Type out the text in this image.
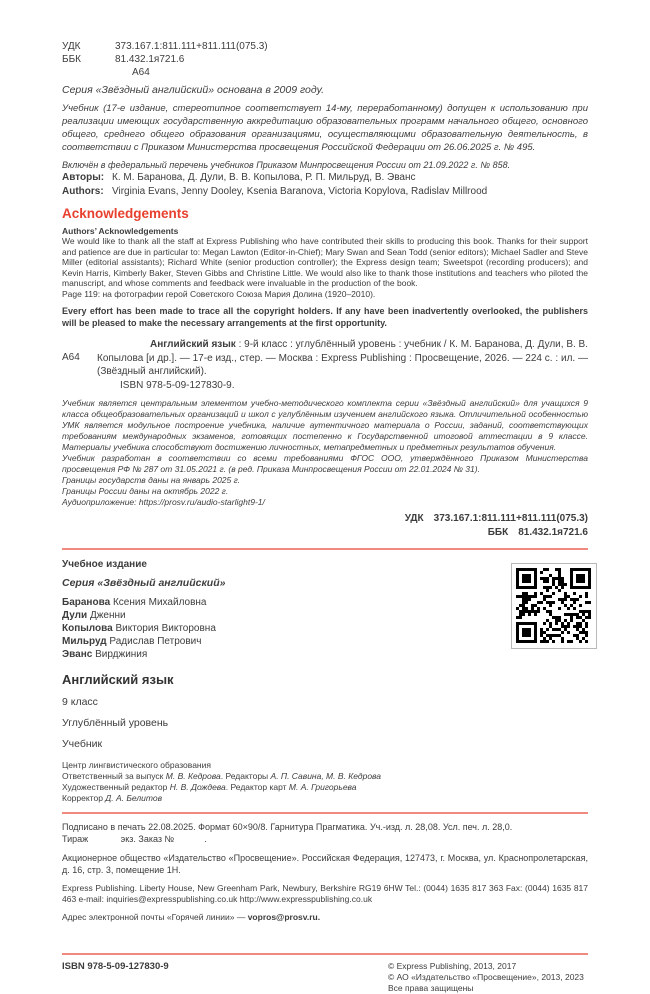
УДК	373.167.1:811.111+811.111(075.3)
ББК	81.432.1я721.6
А64

Серия «Звёздный английский» основана в 2009 году.

Учебник (17-е издание, стереотипное соответствует 14-му, переработанному) допущен к использованию при реализации имеющих государственную аккредитацию образовательных программ начального общего, основного общего, среднего общего образования организациями, осуществляющими образовательную деятельность, в соответствии с Приказом Министерства просвещения Российской Федерации от 26.06.2025 г. № 495.

Включён в федеральный перечень учебников Приказом Минпросвещения России от 21.09.2022 г. № 858.

Авторы: К. М. Баранова, Д. Дули, В. В. Копылова, Р. П. Мильруд, В. Эванс
Authors: Virginia Evans, Jenny Dooley, Ksenia Baranova, Victoria Kopylova, Radislav Millrood
Acknowledgements
Authors’ Acknowledgements

We would like to thank all the staff at Express Publishing who have contributed their skills to producing this book. Thanks for their support and patience are due in particular to: Megan Lawton (Editor-in-Chief); Mary Swan and Sean Todd (senior editors); Michael Sadler and Steve Miller (editorial assistants); Richard White (senior production controller); the Express design team; Sweetspot (recording producers); and Kevin Harris, Kimberly Baker, Steven Gibbs and Christine Little. We would also like to thank those institutions and teachers who piloted the manuscript, and whose comments and feedback were invaluable in the production of the book.

Page 119: на фотографии герой Советского Союза Мария Долина (1920–2010).

Every effort has been made to trace all the copyright holders. If any have been inadvertently overlooked, the publishers will be pleased to make the necessary arrangements at the first opportunity.

А64

Английский язык : 9-й класс : углублённый уровень : учебник / К. М. Баранова, Д. Дули, В. В. Копылова [и др.]. — 17-е изд., стер. — Москва : Express Publishing : Просвещение, 2026. — 224 с. : ил. — (Звёздный английский).

ISBN 978-5-09-127830-9.

Учебник является центральным элементом учебно-методического комплекта серии «Звёздный английский» для учащихся 9 класса общеобразовательных организаций и школ с углублённым изучением английского языка. Отличительной особенностью УМК является модульное построение учебника, наличие аутентичного материала о России, заданий, соответствующих требованиям международных экзаменов, готовящих постепенно к Государственной итоговой аттестации в 9 классе. Материалы учебника способствуют достижению личностных, метапредметных и предметных результатов обучения.

Учебник разработан в соответствии со всеми требованиями ФГОС ООО, утверждённого Приказом Министерства просвещения РФ № 287 от 31.05.2021 г. (в ред. Приказа Минпросвещения России от 22.01.2024 № 31).

Границы государств даны на январь 2025 г.

Границы России даны на октябрь 2022 г.

Аудиоприложение: https://prosv.ru/audio-starlight9-1/

УДК 373.167.1:811.111+811.111(075.3)
ББК 81.432.1я721.6

Учебное издание

Серия «Звёздный английский»

Баранова Ксения Михайловна
Дули Дженни
Копылова Виктория Викторовна
Мильруд Радислав Петрович
Эванс Вирджиния
Английский язык

9 класс

Углублённый уровень

Учебник

Центр лингвистического образования

Ответственный за выпуск М. В. Кедрова. Редакторы А. П. Савина, М. В. Кедрова

Художественный редактор Н. В. Дождева. Редактор карт М. А. Григорьева

Корректор Д. А. Белитов

Подписано в печать 22.08.2025. Формат 60×90/8. Гарнитура Прагматика. Уч.-изд. л. 28,08. Усл. печ. л. 28,0.

Тираж             экз. Заказ №            .

Акционерное общество «Издательство «Просвещение». Российская Федерация, 127473, г. Москва, ул. Краснопролетарская, д. 16, стр. 3, помещение 1Н.

Express Publishing. Liberty House, New Greenham Park, Newbury, Berkshire RG19 6HW Tel.: (0044) 1635 817 363 Fax: (0044) 1635 817 463 e-mail: inquiries@expresspublishing.co.uk http://www.expresspublishing.co.uk

Адрес электронной почты «Горячей линии» — vopros@prosv.ru.

ISBN 978-5-09-127830-9	© Express Publishing, 2013, 2017
© АО «Издательство «Просвещение», 2013, 2023
Все права защищены
